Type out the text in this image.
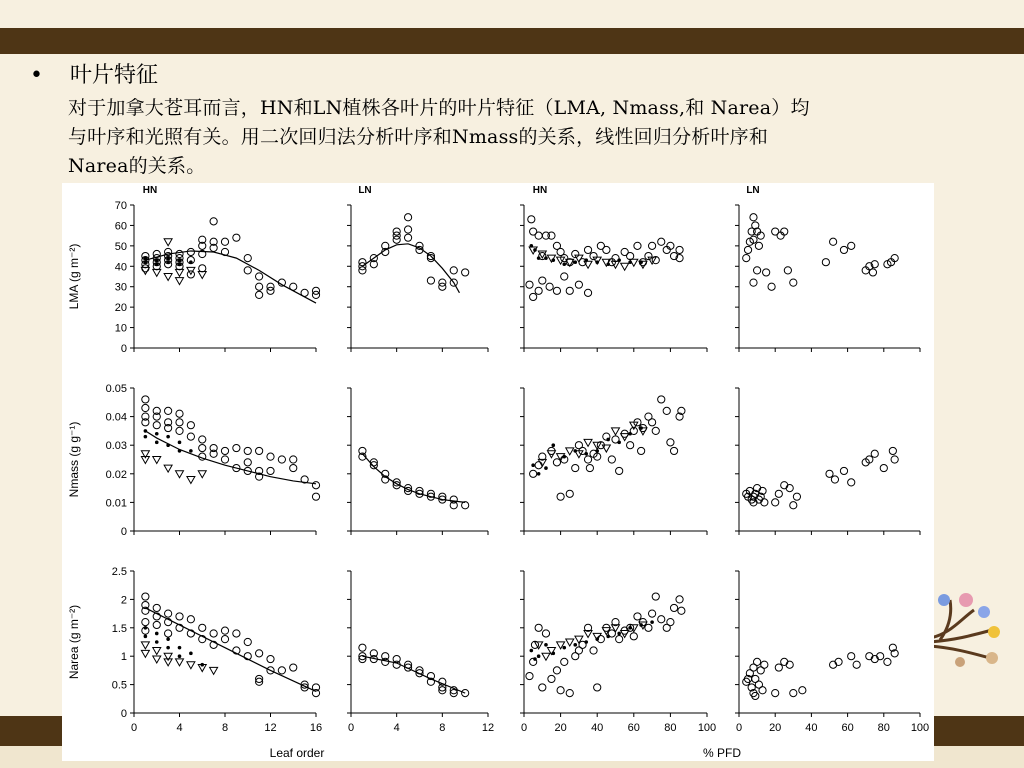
• 叶片特征
对于加拿大苍耳而言，HN和LN植株各叶片的叶片特征（LMA, Nmass,和 Narea）均
与叶序和光照有关。用二次回归法分析叶序和Nmass的关系，线性回归分析叶序和
Narea的关系。
0
10
20
30
40
50
60
70
0
0.01
0.02
0.03
0.04
0.05
0
0.5
1
1.5
2
2.5
0	4	8	12	16 0	4	8	12 0 20 40 60 80 100 0 20 40 60 80 100
HN	LN	HN	LN
Leaf order	% PFD
LMA (g m⁻²)
Nmass (g g⁻¹)
Narea (g m⁻²)
